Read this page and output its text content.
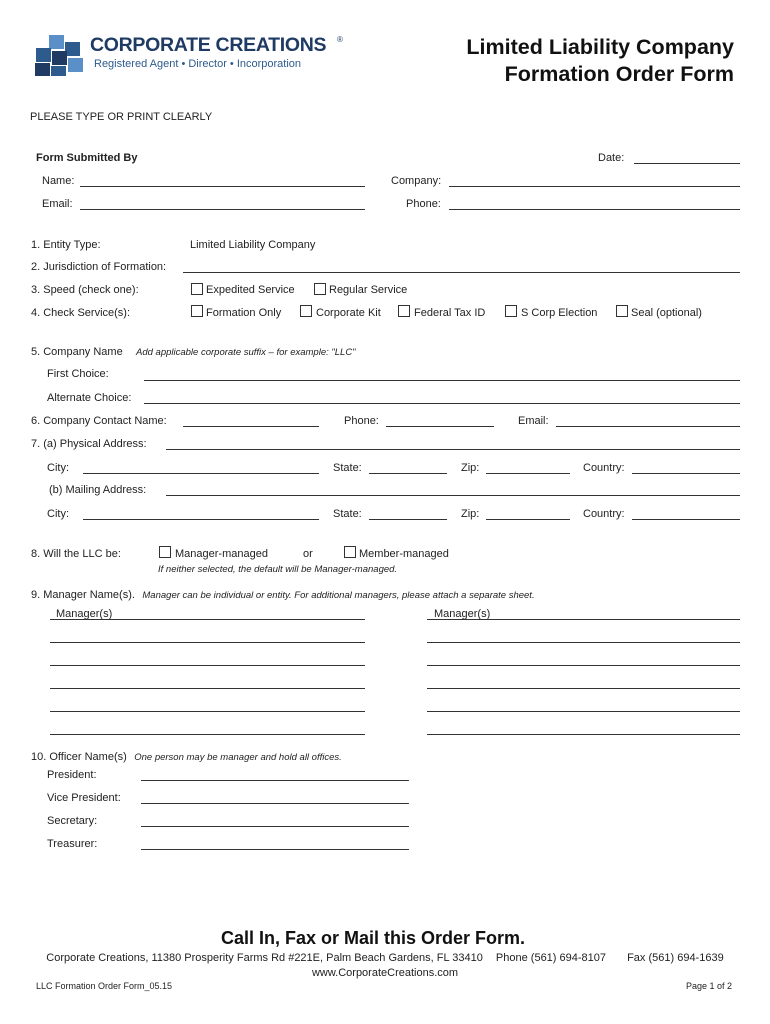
CORPORATE CREATIONS ®
Registered Agent • Director • Incorporation
Limited Liability Company
Formation Order Form
PLEASE TYPE OR PRINT CLEARLY
Form Submitted By	Date:
Name:	Company:
Email:	Phone:
1. Entity Type:	Limited Liability Company
2. Jurisdiction of Formation:
3. Speed (check one):	Expedited Service	Regular Service
4. Check Service(s):	Formation Only	Corporate Kit	Federal Tax ID	S Corp Election	Seal (optional)
5. Company Name Add applicable corporate suffix – for example: "LLC"
First Choice:
Alternate Choice:
6. Company Contact Name:	Phone:	Email:
7. (a) Physical Address:
City:	State:	Zip:	Country:
(b) Mailing Address:
City:	State:	Zip:	Country:
8. Will the LLC be:	Manager-managed	or	Member-managed
If neither selected, the default will be Manager-managed.
9. Manager Name(s). Manager can be individual or entity. For additional managers, please attach a separate sheet.
Manager(s)	Manager(s)
10. Officer Name(s) One person may be manager and hold all offices.
President:
Vice President:
Secretary:
Treasurer:
Call In, Fax or Mail this Order Form.
Corporate Creations, 11380 Prosperity Farms Rd #221E, Palm Beach Gardens, FL 33410 Phone (561) 694-8107 Fax (561) 694-1639
www.CorporateCreations.com
LLC Formation Order Form_05.15	Page 1 of 2
